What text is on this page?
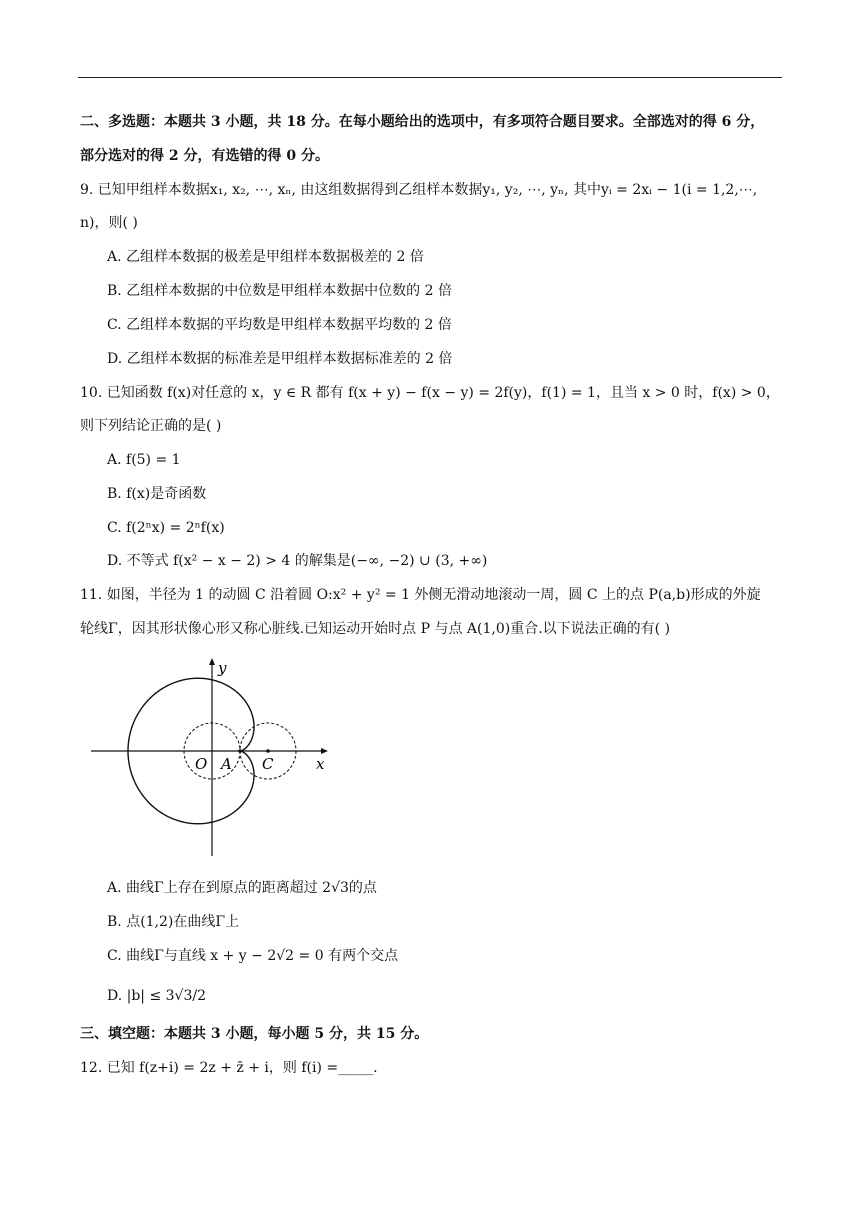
二、多选题：本题共 3 小题，共 18 分。在每小题给出的选项中，有多项符合题目要求。全部选对的得 6 分，
部分选对的得 2 分，有选错的得 0 分。
9. 已知甲组样本数据x₁, x₂, ⋯, xₙ, 由这组数据得到乙组样本数据y₁, y₂, ⋯, yₙ, 其中yᵢ = 2xᵢ − 1(i = 1,2,⋯,
n)，则( )
A. 乙组样本数据的极差是甲组样本数据极差的 2 倍
B. 乙组样本数据的中位数是甲组样本数据中位数的 2 倍
C. 乙组样本数据的平均数是甲组样本数据平均数的 2 倍
D. 乙组样本数据的标准差是甲组样本数据标准差的 2 倍
10. 已知函数 f(x)对任意的 x，y ∈ R 都有 f(x + y) − f(x − y) = 2f(y)，f(1) = 1，且当 x > 0 时，f(x) > 0，
则下列结论正确的是( )
A. f(5) = 1
B. f(x)是奇函数
C. f(2ⁿx) = 2ⁿf(x)
D. 不等式 f(x² − x − 2) > 4 的解集是(−∞, −2) ∪ (3, +∞)
11. 如图，半径为 1 的动圆 C 沿着圆 O:x² + y² = 1 外侧无滑动地滚动一周，圆 C 上的点 P(a,b)形成的外旋
轮线Γ，因其形状像心形又称心脏线.已知运动开始时点 P 与点 A(1,0)重合.以下说法正确的有( )
y
x
O A C
A. 曲线Γ上存在到原点的距离超过 2√3的点
B. 点(1,2)在曲线Γ上
C. 曲线Γ与直线 x + y − 2√2 = 0 有两个交点
D. |b| ≤ 3√3/2
三、填空题：本题共 3 小题，每小题 5 分，共 15 分。
12. 已知 f(z+i) = 2z + z̄ + i，则 f(i) =_____.
